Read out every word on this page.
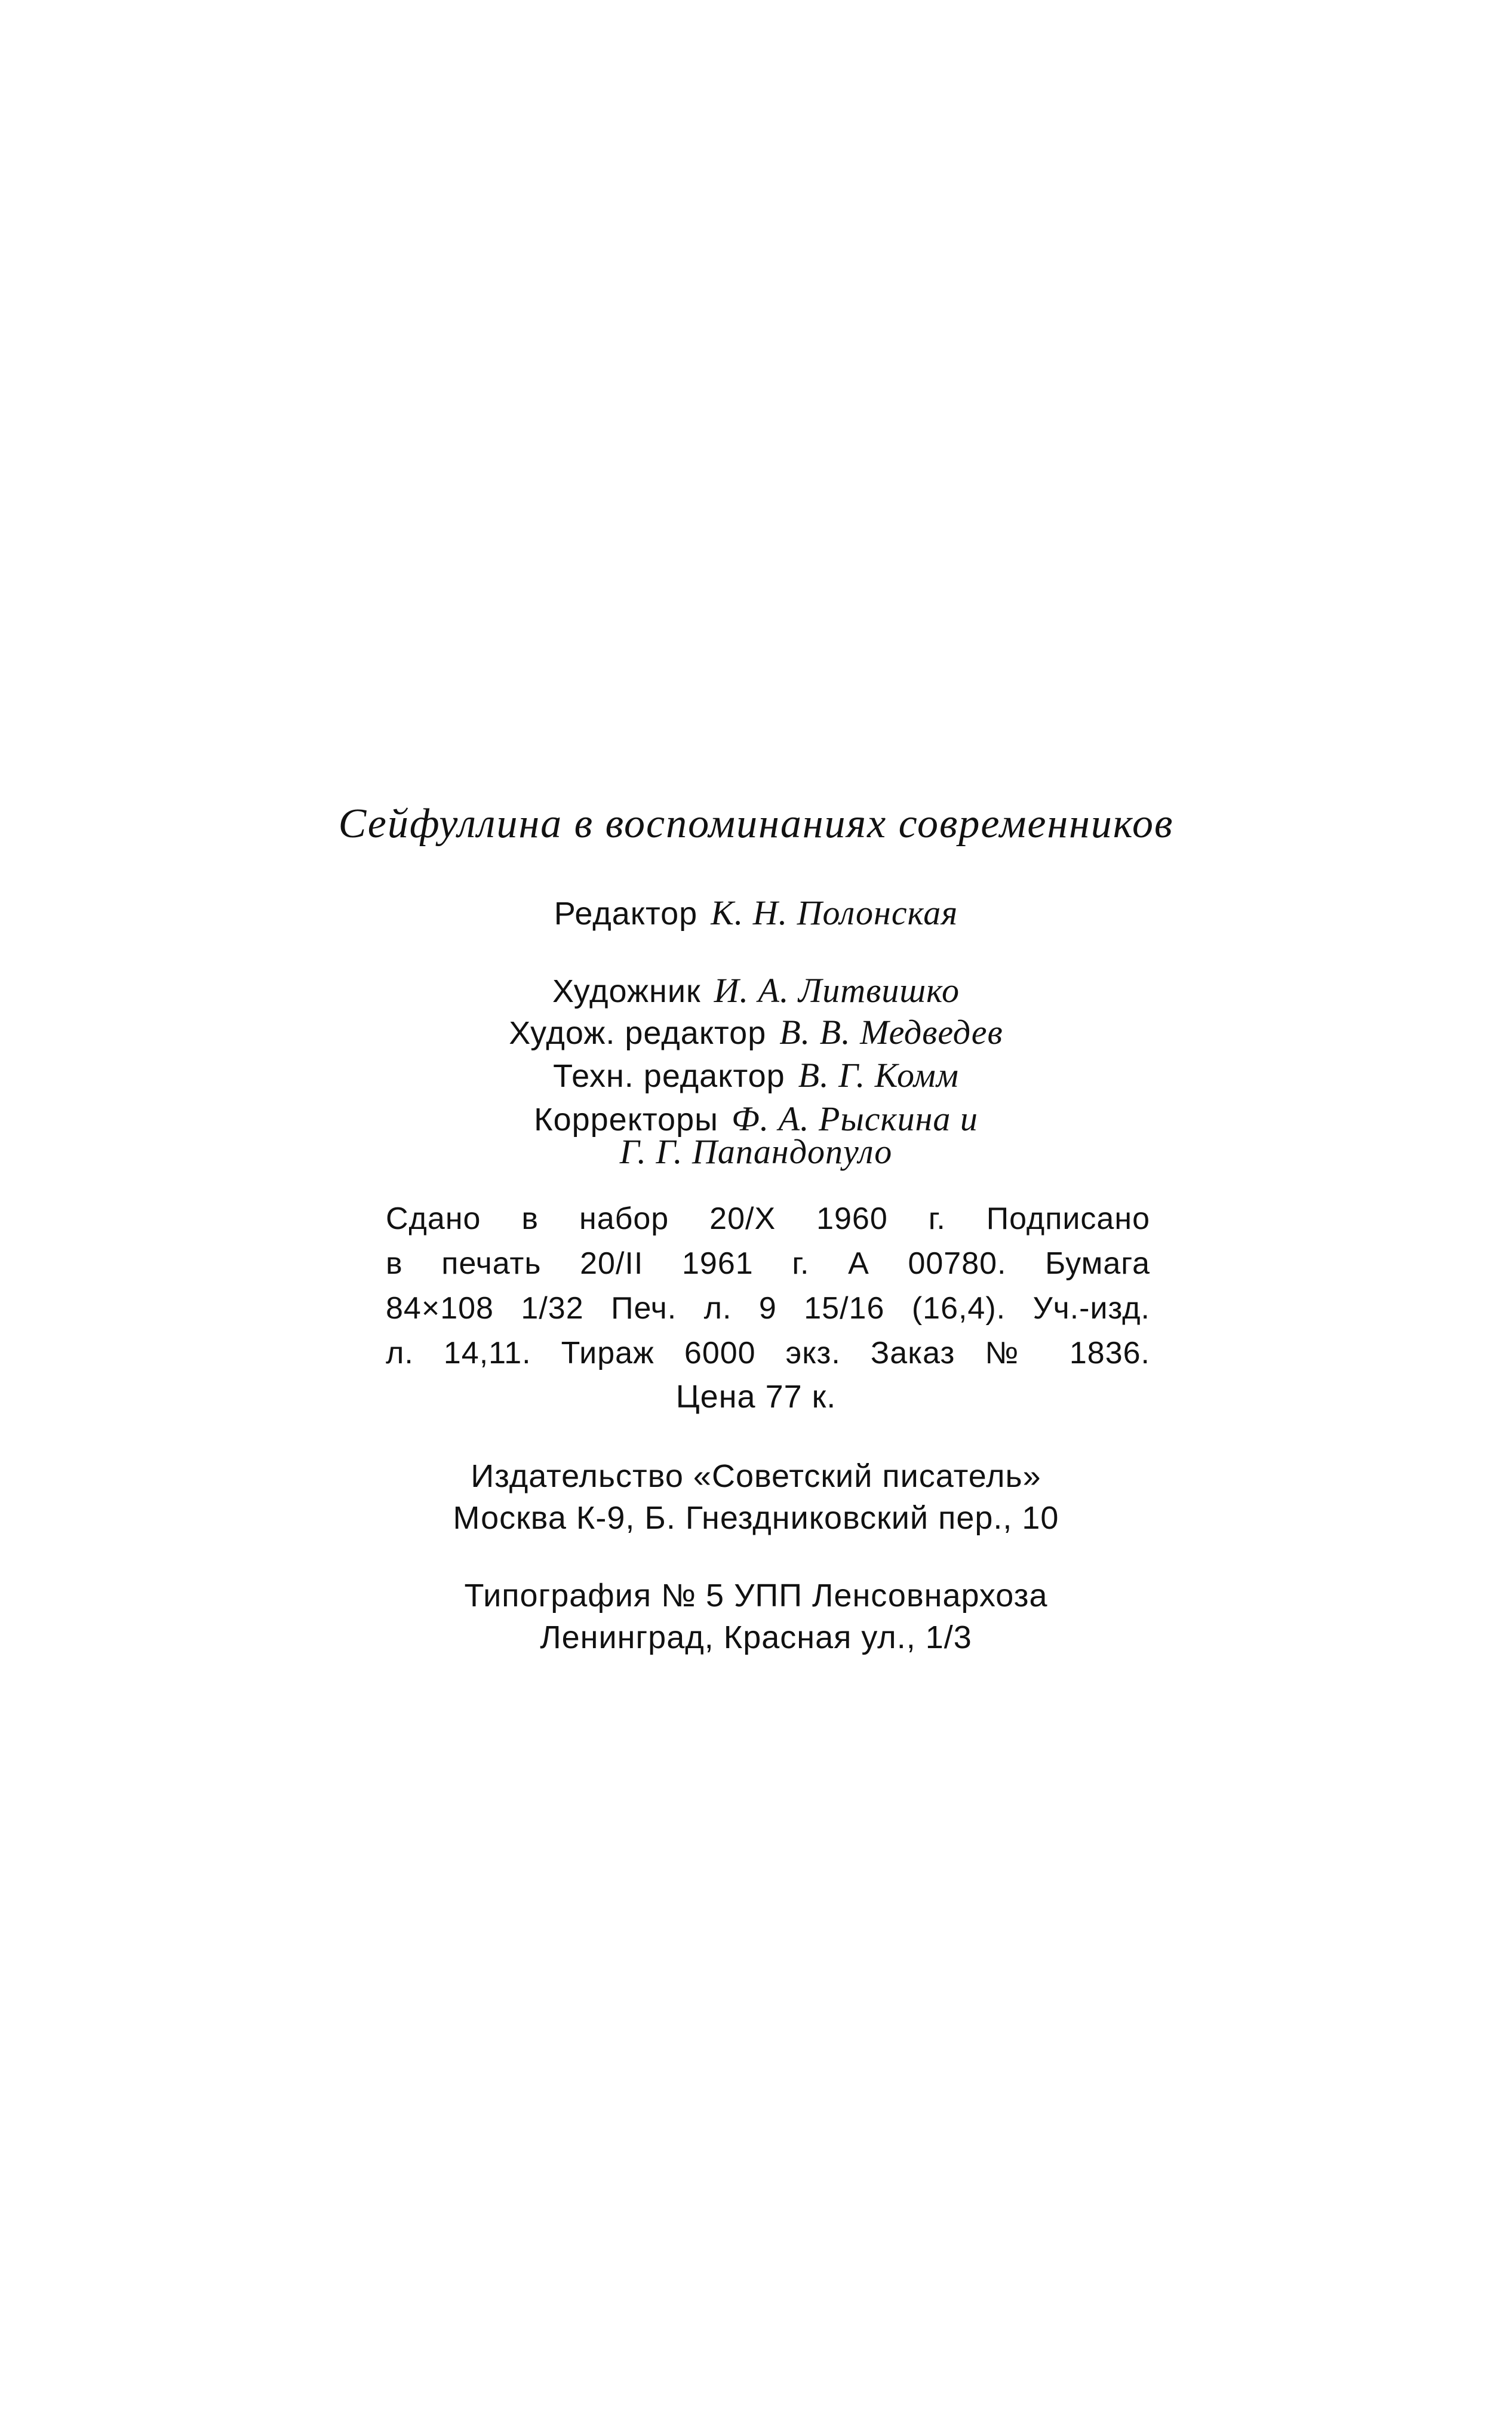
Сейфуллина в воспоминаниях современников
Редактор К. Н. Полонская
Художник И. А. Литвишко
Худож. редактор В. В. Медведев
Техн. редактор В. Г. Комм
Корректоры Ф. А. Рыскина и
Г. Г. Папандопуло
Сдано в набор 20/X 1960 г. Подписано
в печать 20/II 1961 г. А 00780. Бумага
84×108 1/32 Печ. л. 9 15/16 (16,4). Уч.-изд.
л. 14,11. Тираж 6000 экз. Заказ № 1836.
Цена 77 к.
Издательство «Советский писатель»
Москва К-9, Б. Гнездниковский пер., 10
Типография № 5 УПП Ленсовнархоза
Ленинград, Красная ул., 1/3
